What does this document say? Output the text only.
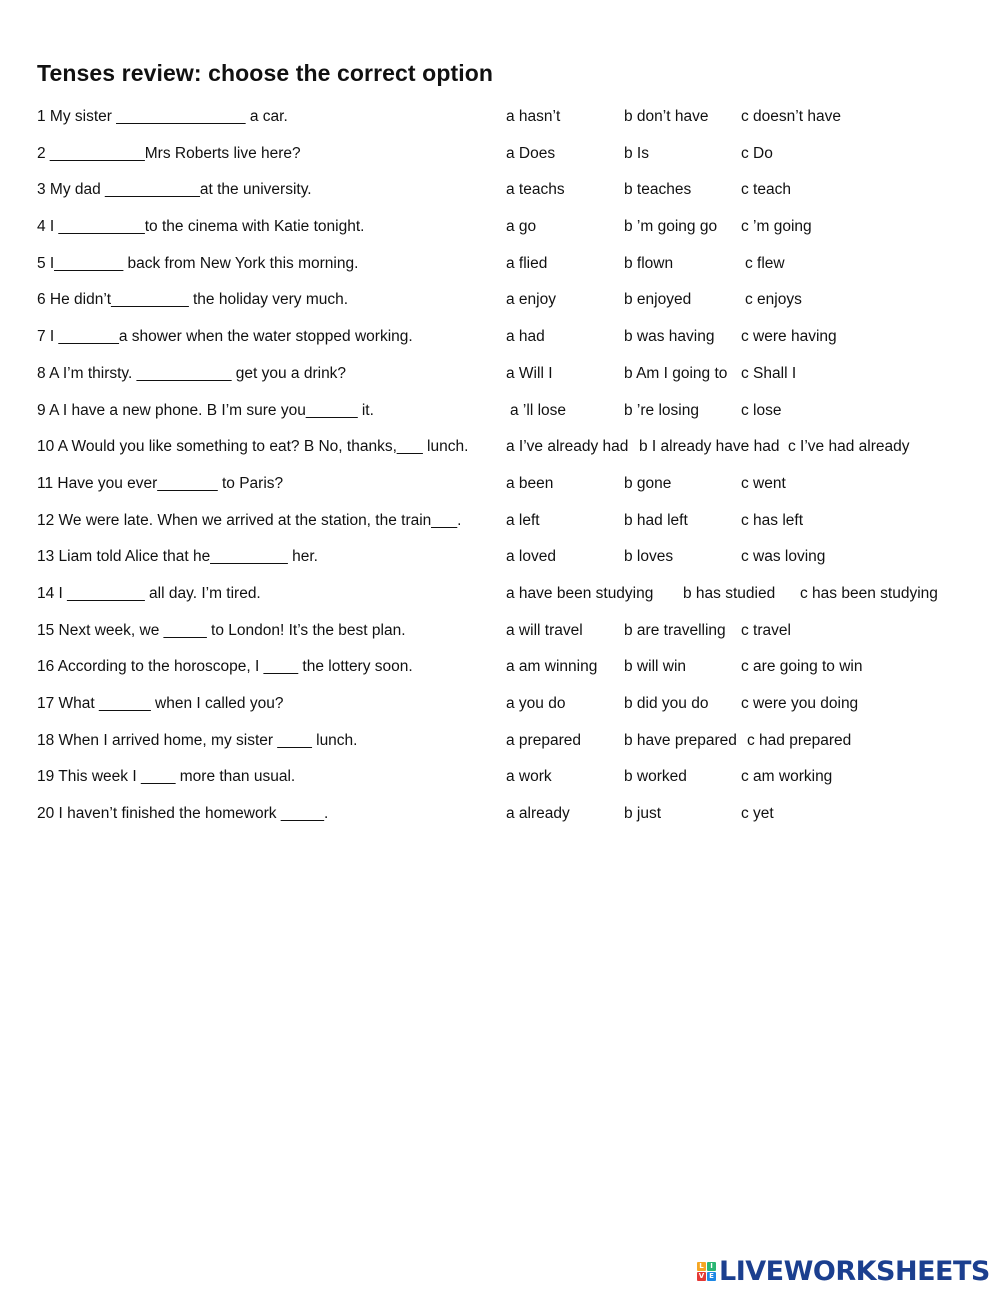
Tenses review: choose the correct option
1 My sister _______________ a car.	a hasn’t	b don’t have c doesn’t have
2 ___________Mrs Roberts live here?	a Does	b Is	c Do
3 My dad ___________at the university.	a teachs	b teaches	c teach
4 I __________to the cinema with Katie tonight.	a go	b ’m going go c ’m going
5 I________ back from New York this morning.	a flied	b flown	c flew
6 He didn’t_________ the holiday very much.	a enjoy	b enjoyed	c enjoys
7 I _______a shower when the water stopped working.	a had	b was having c were having
8 A I’m thirsty. ___________ get you a drink?	a Will I	b Am I going to c Shall I
9 A I have a new phone. B I’m sure you______ it.	a ’ll lose	b ’re losing	c lose
10 A Would you like something to eat? B No, thanks,___ lunch. a I’ve already had b I already have had c I’ve had already
11 Have you ever_______ to Paris?	a been	b gone	c went
12 We were late. When we arrived at the station, the train___.	a left	b had left	c has left
13 Liam told Alice that he_________ her.	a loved	b loves	c was loving
14 I _________ all day. I’m tired.	a have been studying b has studied c has been studying
15 Next week, we _____ to London! It’s the best plan.	a will travel	b are travelling c travel
16 According to the horoscope, I ____ the lottery soon.	a am winning b will win	c are going to win
17 What ______ when I called you?	a you do	b did you do c were you doing
18 When I arrived home, my sister ____ lunch.	a prepared	b have prepared c had prepared
19 This week I ____ more than usual.	a work	b worked	c am working
20 I haven’t finished the homework _____.	a already	b just	c yet
L I
V E LIVEWORKSHEETS
